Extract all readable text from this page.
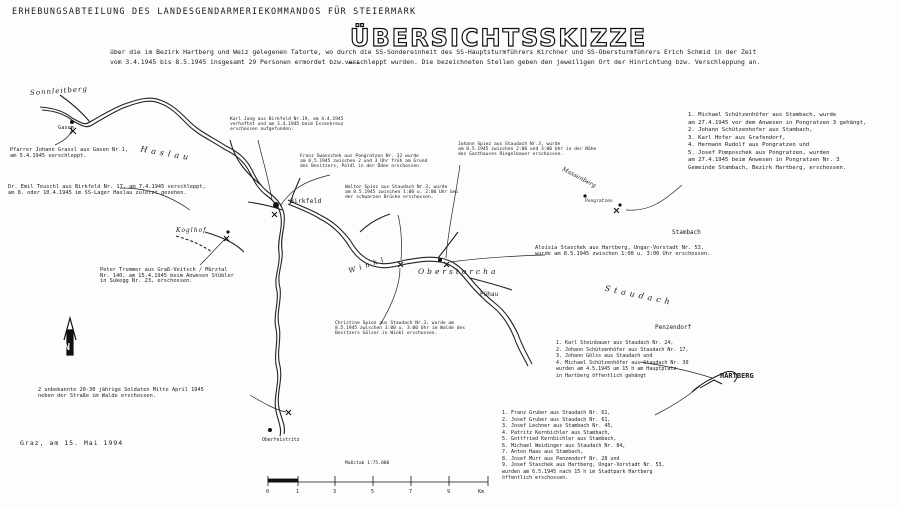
ERHEBUNGSABTEILUNG DES LANDESGENDARMERIEKOMMANDOS FÜR STEIERMARK
ÜBERSICHTSSKIZZE
über die im Bezirk Hartberg und Weiz gelegenen Tatorte, wo durch die SS-Sondereinheit des SS-Hauptsturmführers Kirchner und SS-Obersturmführers Erich Schmid in der Zeit
vom 3.4.1945 bis 8.5.1945 insgesamt 29 Personen ermordet bzw.verschleppt wurden. Die bezeichneten Stellen geben den jeweiligen Ort der Hinrichtung bzw. Verschleppung an.
Sonnleitberg
Gasen
Haslau
Koglhof
Birkfeld
Winkl	Oberstorcha
Pühau	Staudach
Stambach
Massenberg
Pongratzen
Penzendorf
HARTBERG
Oberfeistritz
Pfarrer Johann Grassl aus Gasen Nr.1,
am 5.4.1945 verschleppt.
Dr. Emil Teuschl aus Birkfeld Nr. 17, am 7.4.1945 verschleppt,
am 8. oder 10.4.1945 im SS-Lager Haslau zuletzt gesehen.
Karl Jung aus Birkfeld Nr.19, am 4.4.1945
verhaftet und am 3.4.1945 beim Essenkreuz
erschossen aufgefunden.
Franz Swanschek aus Pongratzen Nr. 32 wurde
am 8.5.1945 zwischen 2 und 3 Uhr früh am Grund
des Besitzers, Poldl in der Öden erschossen.
Walter Spiez aus Staudach Nr.3, wurde
am 8.5.1945 zwischen 1:00 u. 2:00 Uhr bei
der schwarzen Brücke erschossen.
Johann Spiez aus Staudach Nr.3, wurde
am 8.5.1945 zwischen 2:00 und 3:00 Uhr in der Nähe
des Gasthauses Riegelbauer erschossen.
Peter Trummer aus Graß-Veitsch / Mürztal
Nr. 140, am 15.4.1945 beim Anwesen Stübler
in Sukegg Nr. 23, erschossen.
Christine Spiez aus Staudach Nr.3, wurde am
8.5.1945 zwischen 3:00 u. 3:00 Uhr im Walde des
Besitzers Gölser in Winkl erschossen.
Aloisia Staschek aus Hartberg, Ungar-Vorstadt Nr. 53,
wurde am 8.5.1945 zwischen 1:00 u. 3:00 Uhr erschossen.
2 unbekannte 20-30 jährige Soldaten Mitte April 1945
neben der Straße im Walde erschossen.
Graz, am 15. Mai 1994
1. Michael Schützenhöfer aus Stambach, wurde
am 27.4.1945 vor dem Anwesen in Pongratzen 3 gehängt,
2. Johann Schützenhofer aus Stambach,
3. Karl Hofer aus Grafendorf,
4. Hermann Rudolf aus Pongratzen und
5. Josef Pomposchek aus Pongratzen, wurden
am 27.4.1945 beim Anwesen in Pongratzen Nr. 3
Gemeinde Stambach, Bezirk Hartberg, erschossen.
1. Karl Steinbauer aus Staudach Nr. 24,
2. Johann Schützenhöfer aus Staudach Nr. 17,
3. Johann Gölss aus Staudach und
4. Michael Schützenhöfer aus Staudach Nr. 30
wurden am 4.5.1945 um 15 h am Hauptplatz
in Hartberg öffentlich gehängt
1. Franz Gruber aus Staudach Nr. 61,
2. Josef Gruber aus Staudach Nr. 61,
3. Josef Lechner aus Stambach Nr. 45,
4. Patritz Kernbichler aus Stambach,
5. Gottfried Kernbichler aus Stambach,
6. Michael Weidinger aus Staudach Nr. 84,
7. Anton Haas aus Stambach,
8. Josef Murr aus Penzendorf Nr. 28 und
9. Josef Staschek aus Hartberg, Ungar-Vorstadt Nr. 53,
wurden am 6.5.1945 nach 15 h im Stadtpark Hartberg
öffentlich erschossen.
N
Maßstab 1:75.000
0	1	3	5	7	9	Km
